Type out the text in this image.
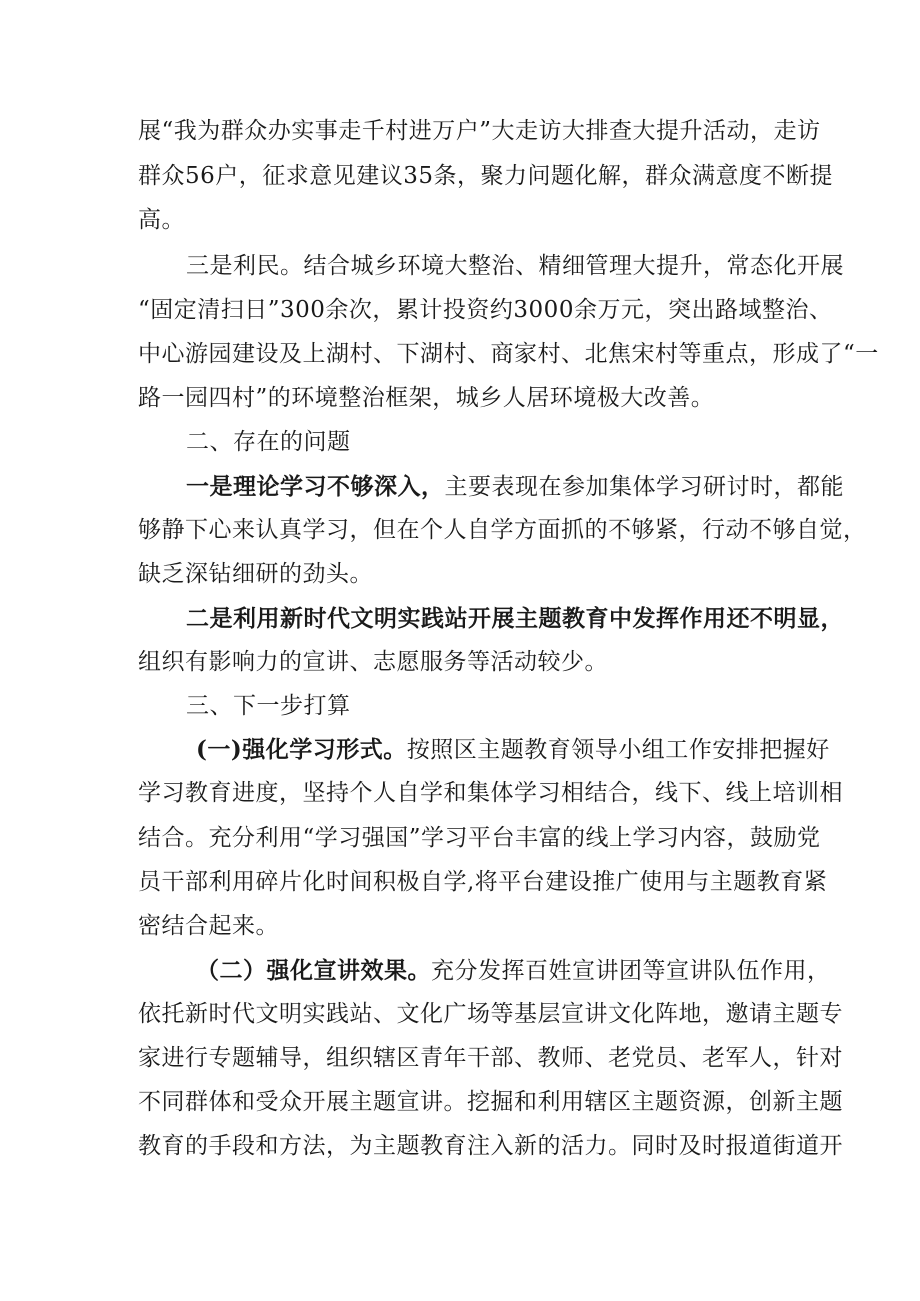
展“我为群众办实事走千村进万户”大走访大排查大提升活动，走访
群众56户，征求意见建议35条，聚力问题化解，群众满意度不断提
高。
三是利民。结合城乡环境大整治、精细管理大提升，常态化开展
“固定清扫日”300余次，累计投资约3000余万元，突出路域整治、
中心游园建设及上湖村、下湖村、商家村、北焦宋村等重点，形成了“一
路一园四村”的环境整治框架，城乡人居环境极大改善。
二、存在的问题
一是理论学习不够深入，主要表现在参加集体学习研讨时，都能
够静下心来认真学习，但在个人自学方面抓的不够紧，行动不够自觉，
缺乏深钻细研的劲头。
二是利用新时代文明实践站开展主题教育中发挥作用还不明显，
组织有影响力的宣讲、志愿服务等活动较少。
三、下一步打算
(一)强化学习形式。按照区主题教育领导小组工作安排把握好
学习教育进度，坚持个人自学和集体学习相结合，线下、线上培训相
结合。充分利用“学习强国”学习平台丰富的线上学习内容，鼓励党
员干部利用碎片化时间积极自学,将平台建设推广使用与主题教育紧
密结合起来。
（二）强化宣讲效果。充分发挥百姓宣讲团等宣讲队伍作用，
依托新时代文明实践站、文化广场等基层宣讲文化阵地，邀请主题专
家进行专题辅导，组织辖区青年干部、教师、老党员、老军人，针对
不同群体和受众开展主题宣讲。挖掘和利用辖区主题资源，创新主题
教育的手段和方法，为主题教育注入新的活力。同时及时报道街道开
